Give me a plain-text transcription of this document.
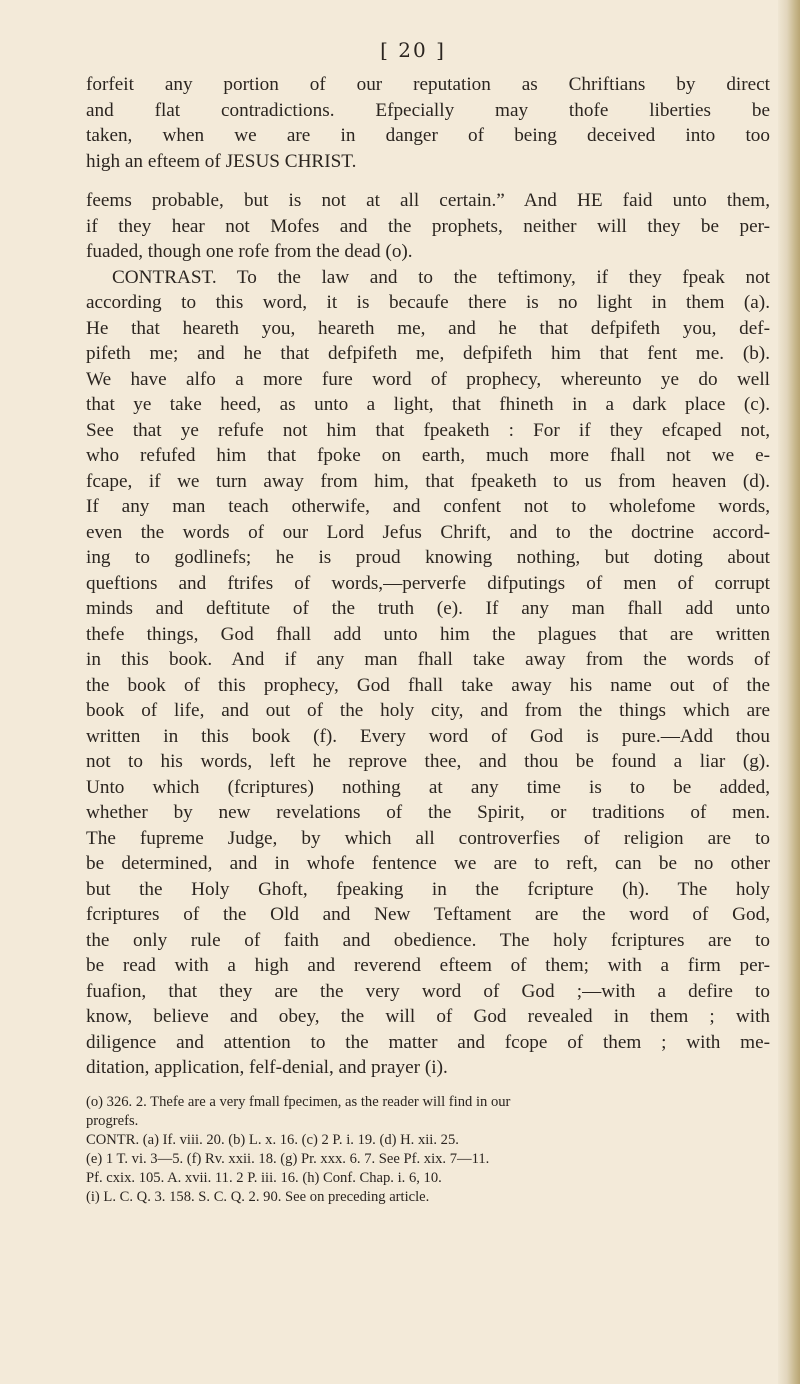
[ 20 ]
forfeit any portion of our reputation as Chriftians by direct
and flat contradictions. Efpecially may thofe liberties be
taken, when we are in danger of being deceived into too
high an efteem of JESUS CHRIST.
feems probable, but is not at all certain.” And HE faid unto them,
if they hear not Mofes and the prophets, neither will they be per-
fuaded, though one rofe from the dead (o).
CONTRAST. To the law and to the teftimony, if they fpeak not
according to this word, it is becaufe there is no light in them (a).
He that heareth you, heareth me, and he that defpifeth you, def-
pifeth me; and he that defpifeth me, defpifeth him that fent me. (b).
We have alfo a more fure word of prophecy, whereunto ye do well
that ye take heed, as unto a light, that fhineth in a dark place (c).
See that ye refufe not him that fpeaketh : For if they efcaped not,
who refufed him that fpoke on earth, much more fhall not we e-
fcape, if we turn away from him, that fpeaketh to us from heaven (d).
If any man teach otherwife, and confent not to wholefome words,
even the words of our Lord Jefus Chrift, and to the doctrine accord-
ing to godlinefs; he is proud knowing nothing, but doting about
queftions and ftrifes of words,—perverfe difputings of men of corrupt
minds and deftitute of the truth (e). If any man fhall add unto
thefe things, God fhall add unto him the plagues that are written
in this book. And if any man fhall take away from the words of
the book of this prophecy, God fhall take away his name out of the
book of life, and out of the holy city, and from the things which are
written in this book (f). Every word of God is pure.—Add thou
not to his words, left he reprove thee, and thou be found a liar (g).
Unto which (fcriptures) nothing at any time is to be added,
whether by new revelations of the Spirit, or traditions of men.
The fupreme Judge, by which all controverfies of religion are to
be determined, and in whofe fentence we are to reft, can be no other
but the Holy Ghoft, fpeaking in the fcripture (h). The holy
fcriptures of the Old and New Teftament are the word of God,
the only rule of faith and obedience. The holy fcriptures are to
be read with a high and reverend efteem of them; with a firm per-
fuafion, that they are the very word of God ;—with a defire to
know, believe and obey, the will of God revealed in them ; with
diligence and attention to the matter and fcope of them ; with me-
ditation, application, felf-denial, and prayer (i).
(o) 326. 2. Thefe are a very fmall fpecimen, as the reader will find in our
progrefs.
CONTR. (a) If. viii. 20. (b) L. x. 16. (c) 2 P. i. 19. (d) H. xii. 25.
(e) 1 T. vi. 3—5. (f) Rv. xxii. 18. (g) Pr. xxx. 6. 7. See Pf. xix. 7—11.
Pf. cxix. 105. A. xvii. 11. 2 P. iii. 16. (h) Conf. Chap. i. 6, 10.
(i) L. C. Q. 3. 158. S. C. Q. 2. 90. See on preceding article.
